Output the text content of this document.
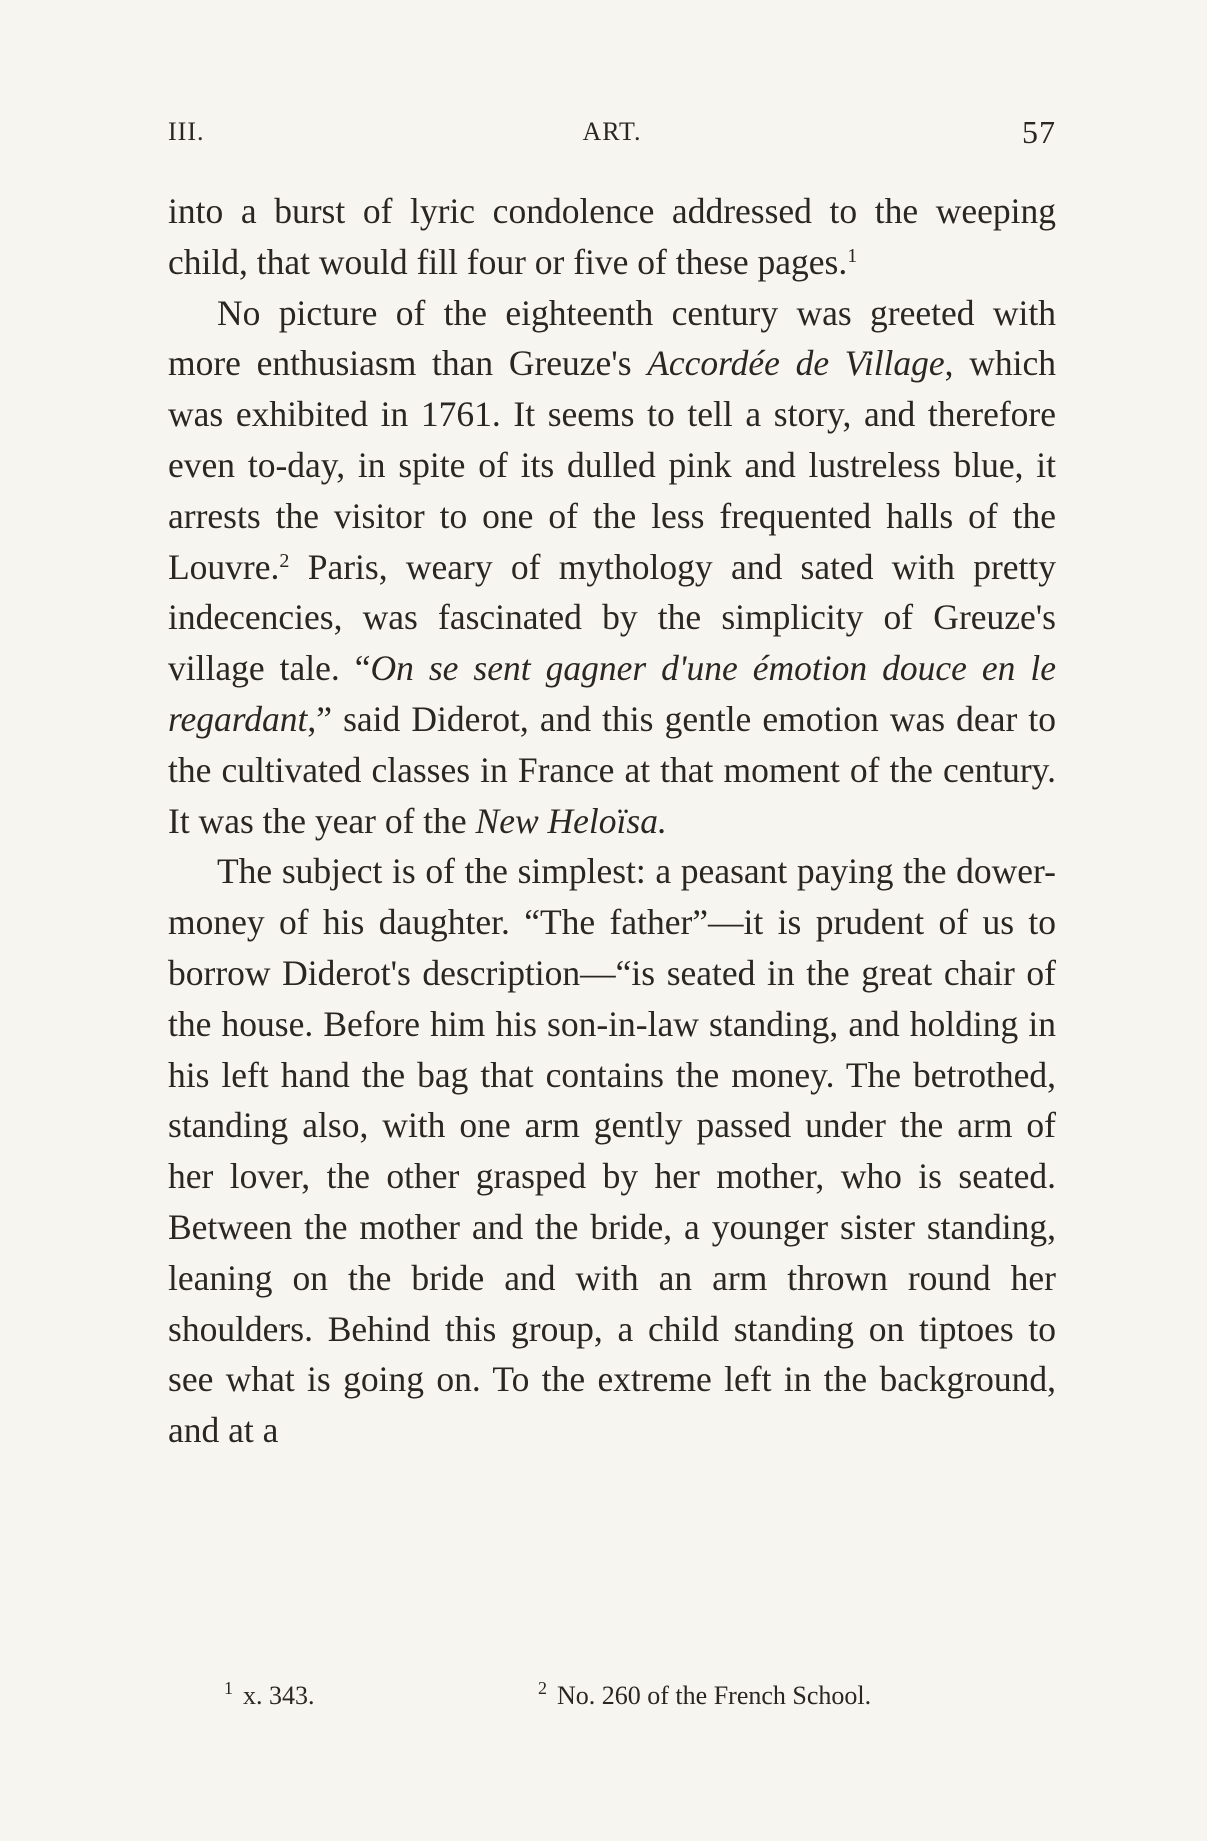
III.	ART.	57

into a burst of lyric condolence addressed to the weeping child, that would fill four or five of these pages.$^1$

No picture of the eighteenth century was greeted with more enthusiasm than Greuze's Accordée de Village, which was exhibited in 1761. It seems to tell a story, and therefore even to-day, in spite of its dulled pink and lustreless blue, it arrests the visitor to one of the less frequented halls of the Louvre.$^2$ Paris, weary of mythology and sated with pretty indecencies, was fascinated by the simplicity of Greuze's village tale. “On se sent gagner d'une émotion douce en le regardant,” said Diderot, and this gentle emotion was dear to the cultivated classes in France at that moment of the century. It was the year of the New Heloïsa.

The subject is of the simplest: a peasant paying the dower-money of his daughter. “The father”—it is prudent of us to borrow Diderot's description—“is seated in the great chair of the house. Before him his son-in-law standing, and holding in his left hand the bag that contains the money. The betrothed, standing also, with one arm gently passed under the arm of her lover, the other grasped by her mother, who is seated. Between the mother and the bride, a younger sister standing, leaning on the bride and with an arm thrown round her shoulders. Behind this group, a child standing on tiptoes to see what is going on. To the extreme left in the background, and at a

$^1$ x. 343.	$^2$ No. 260 of the French School.
